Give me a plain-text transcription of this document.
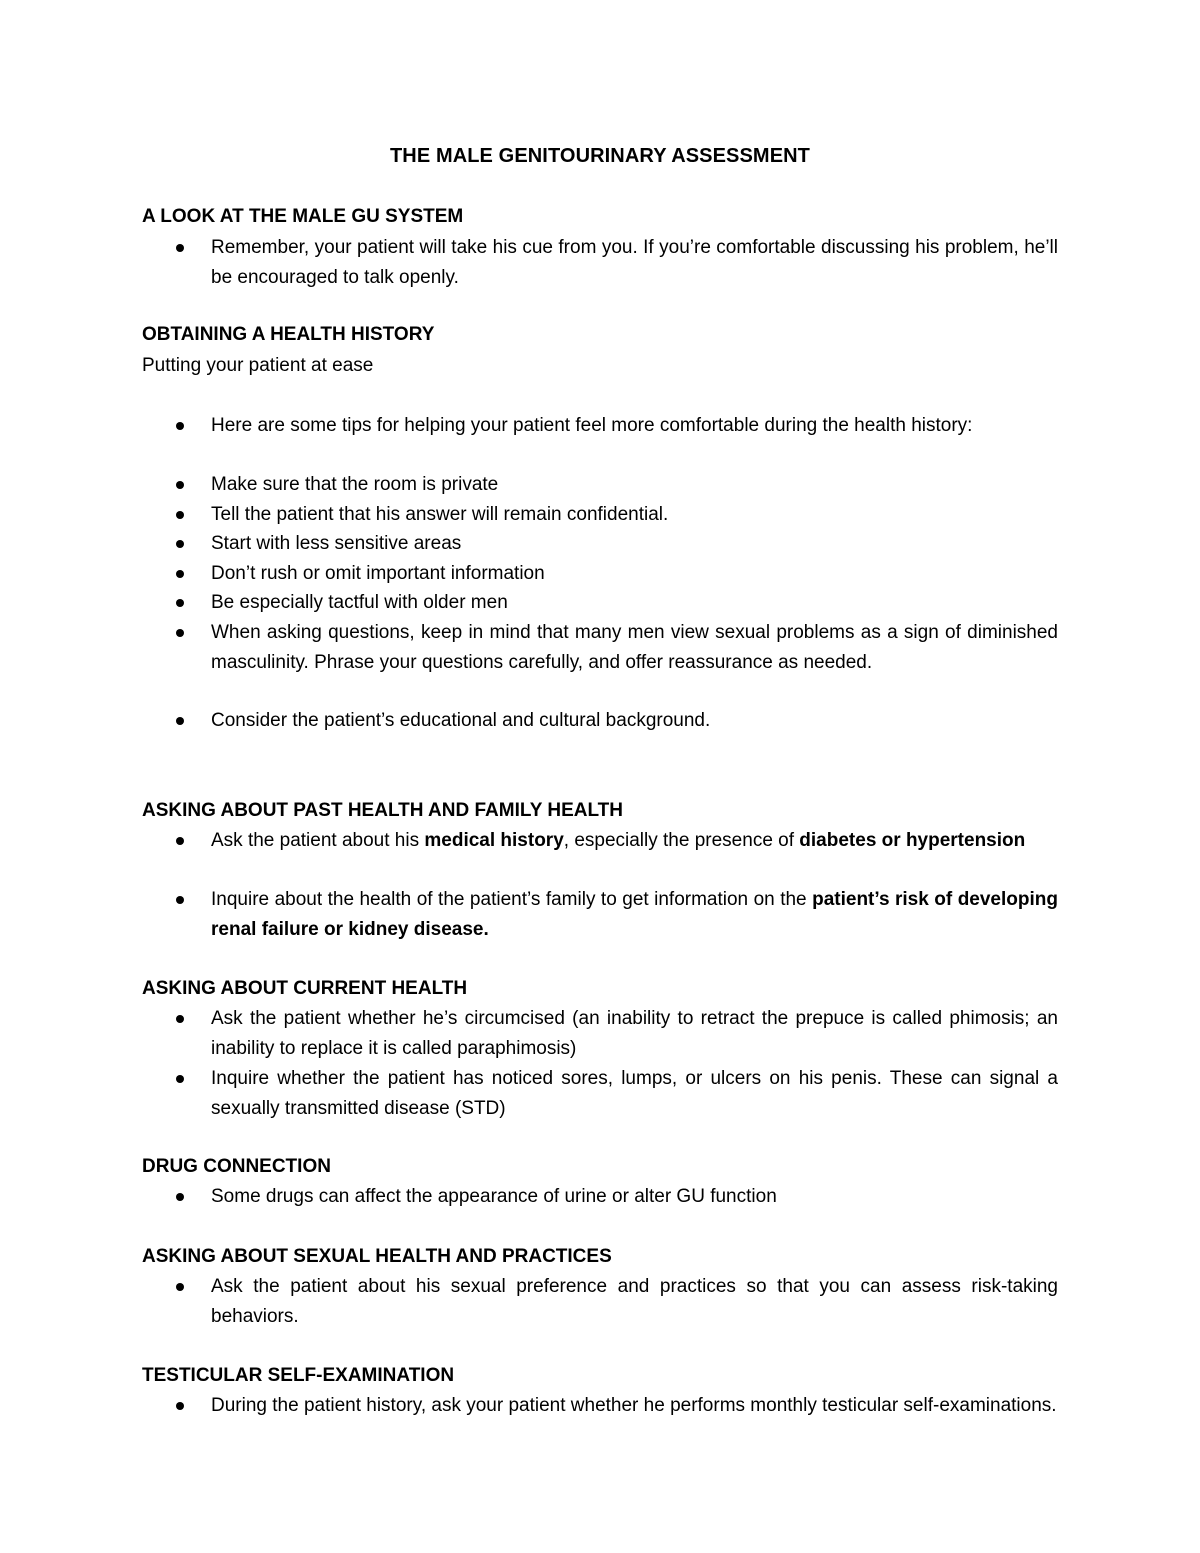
THE MALE GENITOURINARY ASSESSMENT
A LOOK AT THE MALE GU SYSTEM
Remember, your patient will take his cue from you. If you’re comfortable discussing his problem, he’ll be encouraged to talk openly.
OBTAINING A HEALTH HISTORY
Putting your patient at ease
Here are some tips for helping your patient feel more comfortable during the health history:
Make sure that the room is private
Tell the patient that his answer will remain confidential.
Start with less sensitive areas
Don’t rush or omit important information
Be especially tactful with older men
When asking questions, keep in mind that many men view sexual problems as a sign of diminished masculinity. Phrase your questions carefully, and offer reassurance as needed.
Consider the patient’s educational and cultural background.
ASKING ABOUT PAST HEALTH AND FAMILY HEALTH
Ask the patient about his medical history, especially the presence of diabetes or hypertension
Inquire about the health of the patient’s family to get information on the patient’s risk of developing renal failure or kidney disease.
ASKING ABOUT CURRENT HEALTH
Ask the patient whether he’s circumcised (an inability to retract the prepuce is called phimosis; an inability to replace it is called paraphimosis)
Inquire whether the patient has noticed sores, lumps, or ulcers on his penis. These can signal a sexually transmitted disease (STD)
DRUG CONNECTION
Some drugs can affect the appearance of urine or alter GU function
ASKING ABOUT SEXUAL HEALTH AND PRACTICES
Ask the patient about his sexual preference and practices so that you can assess risk-taking behaviors.
TESTICULAR SELF-EXAMINATION
During the patient history, ask your patient whether he performs monthly testicular self-examinations.
